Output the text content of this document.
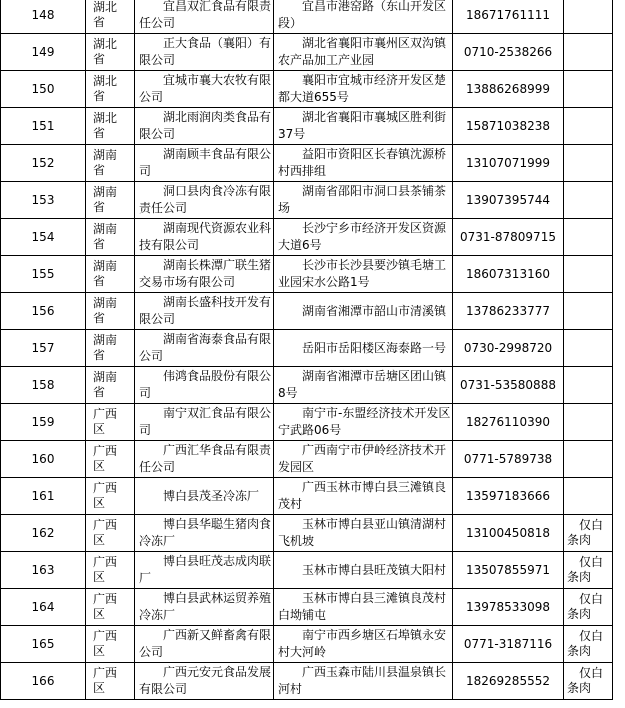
148	湖北省	宜昌双汇食品有限责任公司	宜昌市港窑路（东山开发区段）	18671761111	

149	湖北省	正大食品（襄阳）有限公司	湖北省襄阳市襄州区双沟镇农产品加工产业园	0710-2538266	

150	湖北省	宜城市襄大农牧有限公司	襄阳市宜城市经济开发区楚都大道655号	13886268999	

151	湖北省	湖北雨润肉类食品有限公司	湖北省襄阳市襄城区胜利街37号	15871038238	

152	湖南省	湖南顾丰食品有限公司	益阳市资阳区长春镇沈源桥村西排组	13107071999	

153	湖南省	洞口县肉食冷冻有限责任公司	湖南省邵阳市洞口县茶铺茶场	13907395744	

154	湖南省	湖南现代资源农业科技有限公司	长沙宁乡市经济开发区资源大道6号	0731-87809715	

155	湖南省	湖南长株潭广联生猪交易市场有限公司	长沙市长沙县要沙镇毛塘工业园宋水公路1号	18607313160	

156	湖南省	湖南长盛科技开发有限公司	湖南省湘潭市韶山市清溪镇	13786233777	

157	湖南省	湖南省海泰食品有限公司	岳阳市岳阳楼区海泰路一号	0730-2998720	

158	湖南省	伟鸿食品股份有限公司	湖南省湘潭市岳塘区团山镇8号	0731-53580888	

159	广西区	南宁双汇食品有限公司	南宁市-东盟经济技术开发区宁武路06号	18276110390	

160	广西区	广西汇华食品有限责任公司	广西南宁市伊岭经济技术开发园区	0771-5789738	

161	广西区	博白县茂圣冷冻厂	广西玉林市博白县三滩镇良茂村	13597183666	

162	广西区	博白县华聪生猪肉食冷冻厂	玉林市博白县亚山镇清湖村飞机坡	13100450818	仅白条肉

163	广西区	博白县旺茂志成肉联厂	玉林市博白县旺茂镇大阳村	13507855971	仅白条肉

164	广西区	博白县武林运贸养殖冷冻厂	玉林市博白县三滩镇良茂村白坳铺屯	13978533098	仅白条肉

165	广西区	广西新又鲜畜禽有限公司	南宁市西乡塘区石埠镇永安村大河岭	0771-3187116	仅白条肉

166	广西区	广西元安元食品发展有限公司	广西玉森市陆川县温泉镇长河村	18269285552	仅白条肉
